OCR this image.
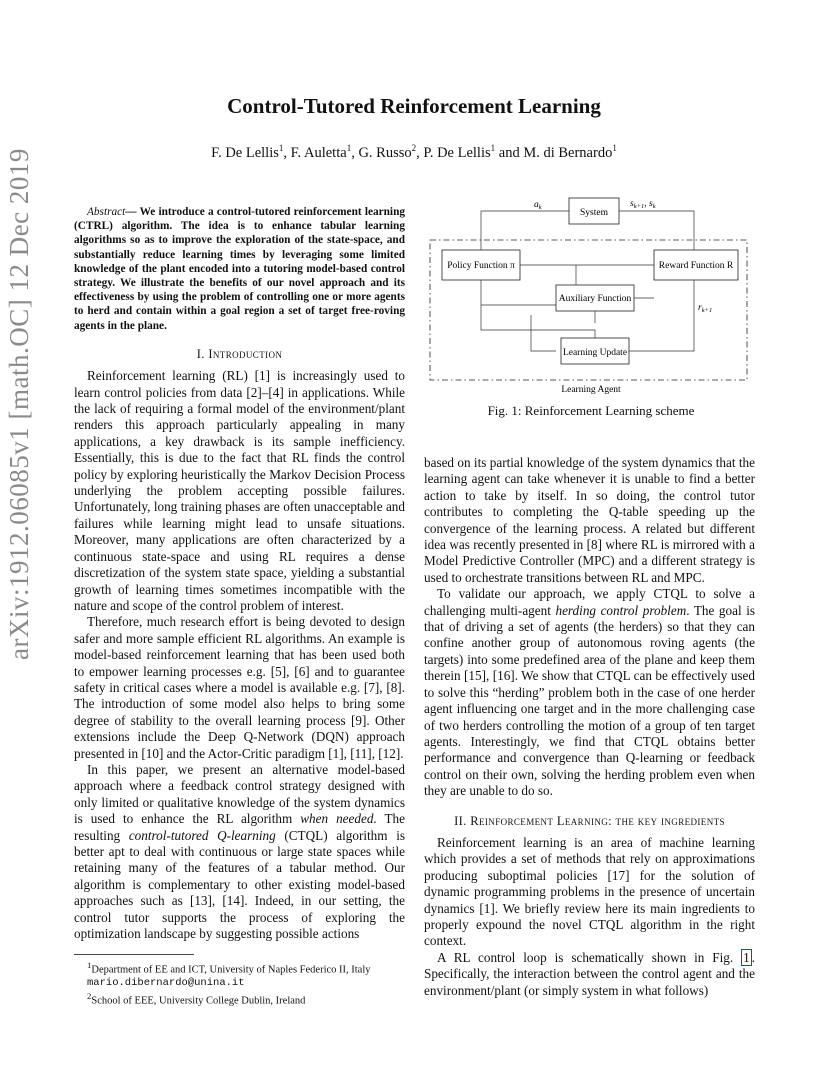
arXiv:1912.06085v1 [math.OC] 12 Dec 2019
Control-Tutored Reinforcement Learning
F. De Lellis$^1$, F. Auletta$^1$, G. Russo$^2$, P. De Lellis$^1$ and M. di Bernardo$^1$

Abstract— We introduce a control-tutored reinforcement learning (CTRL) algorithm. The idea is to enhance tabular learning algorithms so as to improve the exploration of the state-space, and substantially reduce learning times by leveraging some limited knowledge of the plant encoded into a tutoring model-based control strategy. We illustrate the benefits of our novel approach and its effectiveness by using the problem of controlling one or more agents to herd and contain within a goal region a set of target free-roving agents in the plane.

I. Introduction

Reinforcement learning (RL) [1] is increasingly used to learn control policies from data [2]–[4] in applications. While the lack of requiring a formal model of the environment/plant renders this approach particularly appealing in many applications, a key drawback is its sample inefficiency. Essentially, this is due to the fact that RL finds the control policy by exploring heuristically the Markov Decision Process underlying the problem accepting possible failures. Unfortunately, long training phases are often unacceptable and failures while learning might lead to unsafe situations. Moreover, many applications are often characterized by a continuous state-space and using RL requires a dense discretization of the system state space, yielding a substantial growth of learning times sometimes incompatible with the nature and scope of the control problem of interest.

Therefore, much research effort is being devoted to design safer and more sample efficient RL algorithms. An example is model-based reinforcement learning that has been used both to empower learning processes e.g. [5], [6] and to guarantee safety in critical cases where a model is available e.g. [7], [8]. The introduction of some model also helps to bring some degree of stability to the overall learning process [9]. Other extensions include the Deep Q-Network (DQN) approach presented in [10] and the Actor-Critic paradigm [1], [11], [12].

In this paper, we present an alternative model-based approach where a feedback control strategy designed with only limited or qualitative knowledge of the system dynamics is used to enhance the RL algorithm when needed. The resulting control-tutored Q-learning (CTQL) algorithm is better apt to deal with continuous or large state spaces while retaining many of the features of a tabular method. Our algorithm is complementary to other existing model-based approaches such as [13], [14]. Indeed, in our setting, the control tutor supports the process of exploring the optimization landscape by suggesting possible actions

$^1$Department of EE and ICT, University of Naples Federico II, Italy
mario.dibernardo@unina.it

$^2$School of EEE, University College Dublin, Ireland

System
Policy Function π	Reward Function R
Auxiliary Function
Learning Update
Learning Agent
$a_k$	$s_{k+1}$, $s_k$
$r_{k+1}$
Fig. 1: Reinforcement Learning scheme

based on its partial knowledge of the system dynamics that the learning agent can take whenever it is unable to find a better action to take by itself. In so doing, the control tutor contributes to completing the Q-table speeding up the convergence of the learning process. A related but different idea was recently presented in [8] where RL is mirrored with a Model Predictive Controller (MPC) and a different strategy is used to orchestrate transitions between RL and MPC.

To validate our approach, we apply CTQL to solve a challenging multi-agent herding control problem. The goal is that of driving a set of agents (the herders) so that they can confine another group of autonomous roving agents (the targets) into some predefined area of the plane and keep them therein [15], [16]. We show that CTQL can be effectively used to solve this “herding” problem both in the case of one herder agent influencing one target and in the more challenging case of two herders controlling the motion of a group of ten target agents. Interestingly, we find that CTQL obtains better performance and convergence than Q-learning or feedback control on their own, solving the herding problem even when they are unable to do so.

II. Reinforcement Learning: the key ingredients

Reinforcement learning is an area of machine learning which provides a set of methods that rely on approximations producing suboptimal policies [17] for the solution of dynamic programming problems in the presence of uncertain dynamics [1]. We briefly review here its main ingredients to properly expound the novel CTQL algorithm in the right context.

A RL control loop is schematically shown in Fig. 1 . Specifically, the interaction between the control agent and the environment/plant (or simply system in what follows)
